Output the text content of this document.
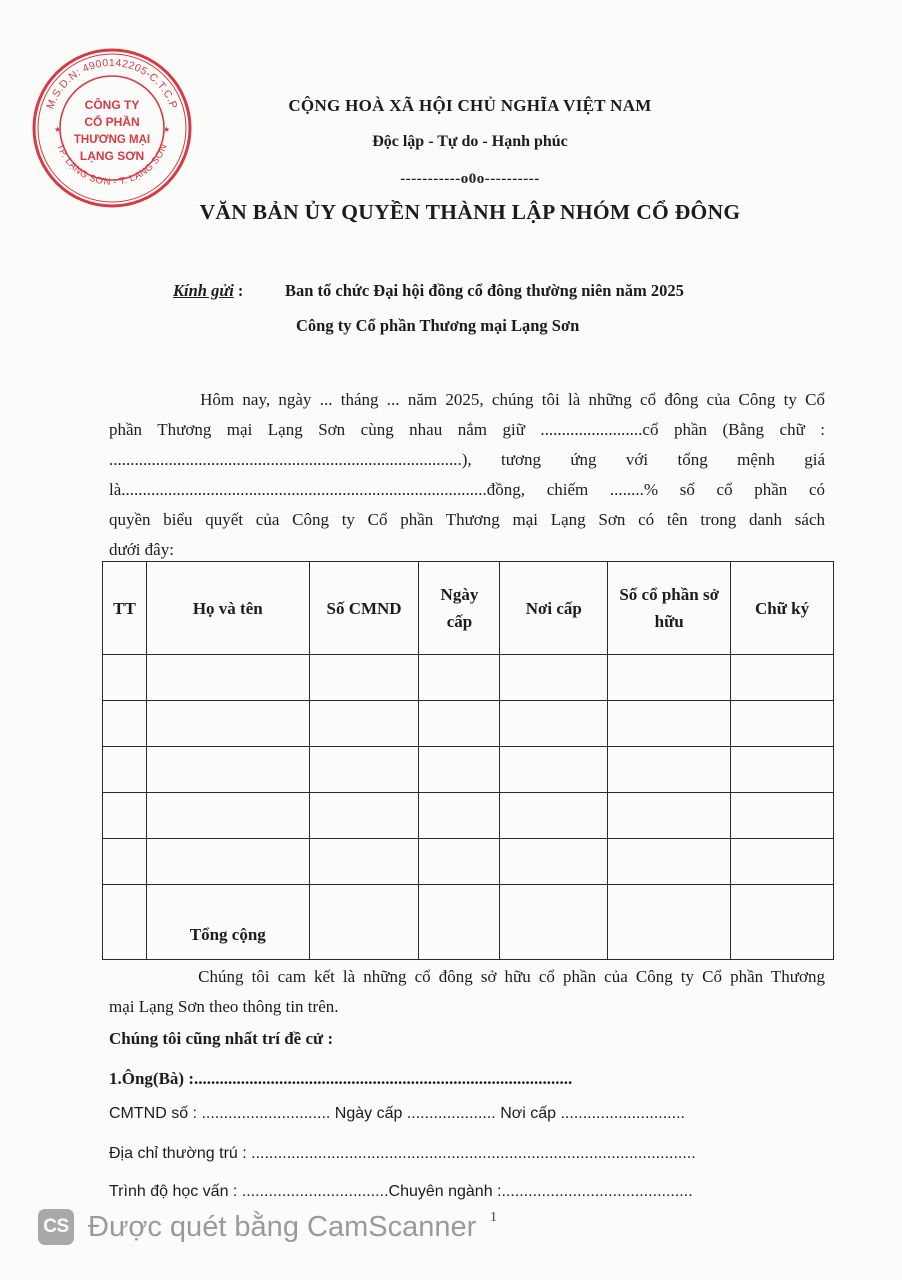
M.S.D.N: 4900142205-C.T.C.P
TP. LẠNG SƠN - T. LẠNG SƠN
CÔNG TY
CỔ PHẦN
THƯƠNG MẠI
LẠNG SƠN
★	★
CỘNG HOÀ XÃ HỘI CHỦ NGHĨA VIỆT NAM
Độc lập - Tự do - Hạnh phúc
-----------o0o----------
VĂN BẢN ỦY QUYỀN THÀNH LẬP NHÓM CỔ ĐÔNG
Kính gửi :	Ban tổ chức Đại hội đồng cổ đông thường niên năm 2025
Công ty Cổ phần Thương mại Lạng Sơn
Hôm nay, ngày ... tháng ... năm 2025, chúng tôi là những cổ đông của Công ty Cổ
phần Thương mại Lạng Sơn cùng nhau nắm giữ ........................cổ phần (Bằng chữ :
...................................................................................), tương ứng với tổng mệnh giá
là......................................................................................đồng, chiếm ........% số cổ phần có
quyền biểu quyết của Công ty Cổ phần Thương mại Lạng Sơn có tên trong danh sách
dưới đây:
TT	Họ và tên	Số CMND	Ngày cấp	Nơi cấp	Số cổ phần sở hữu	Chữ ký

	Tổng cộng					
Chúng tôi cam kết là những cổ đông sở hữu cổ phần của Công ty Cổ phần Thương
mại Lạng Sơn theo thông tin trên.
Chúng tôi cũng nhất trí đề cử :
1.Ông(Bà) :.........................................................................................
CMTND số : ............................. Ngày cấp .................... Nơi cấp ............................
Địa chỉ thường trú : ....................................................................................................
Trình độ học vấn : .................................Chuyên ngành :...........................................
CS Được quét bằng CamScanner 1
